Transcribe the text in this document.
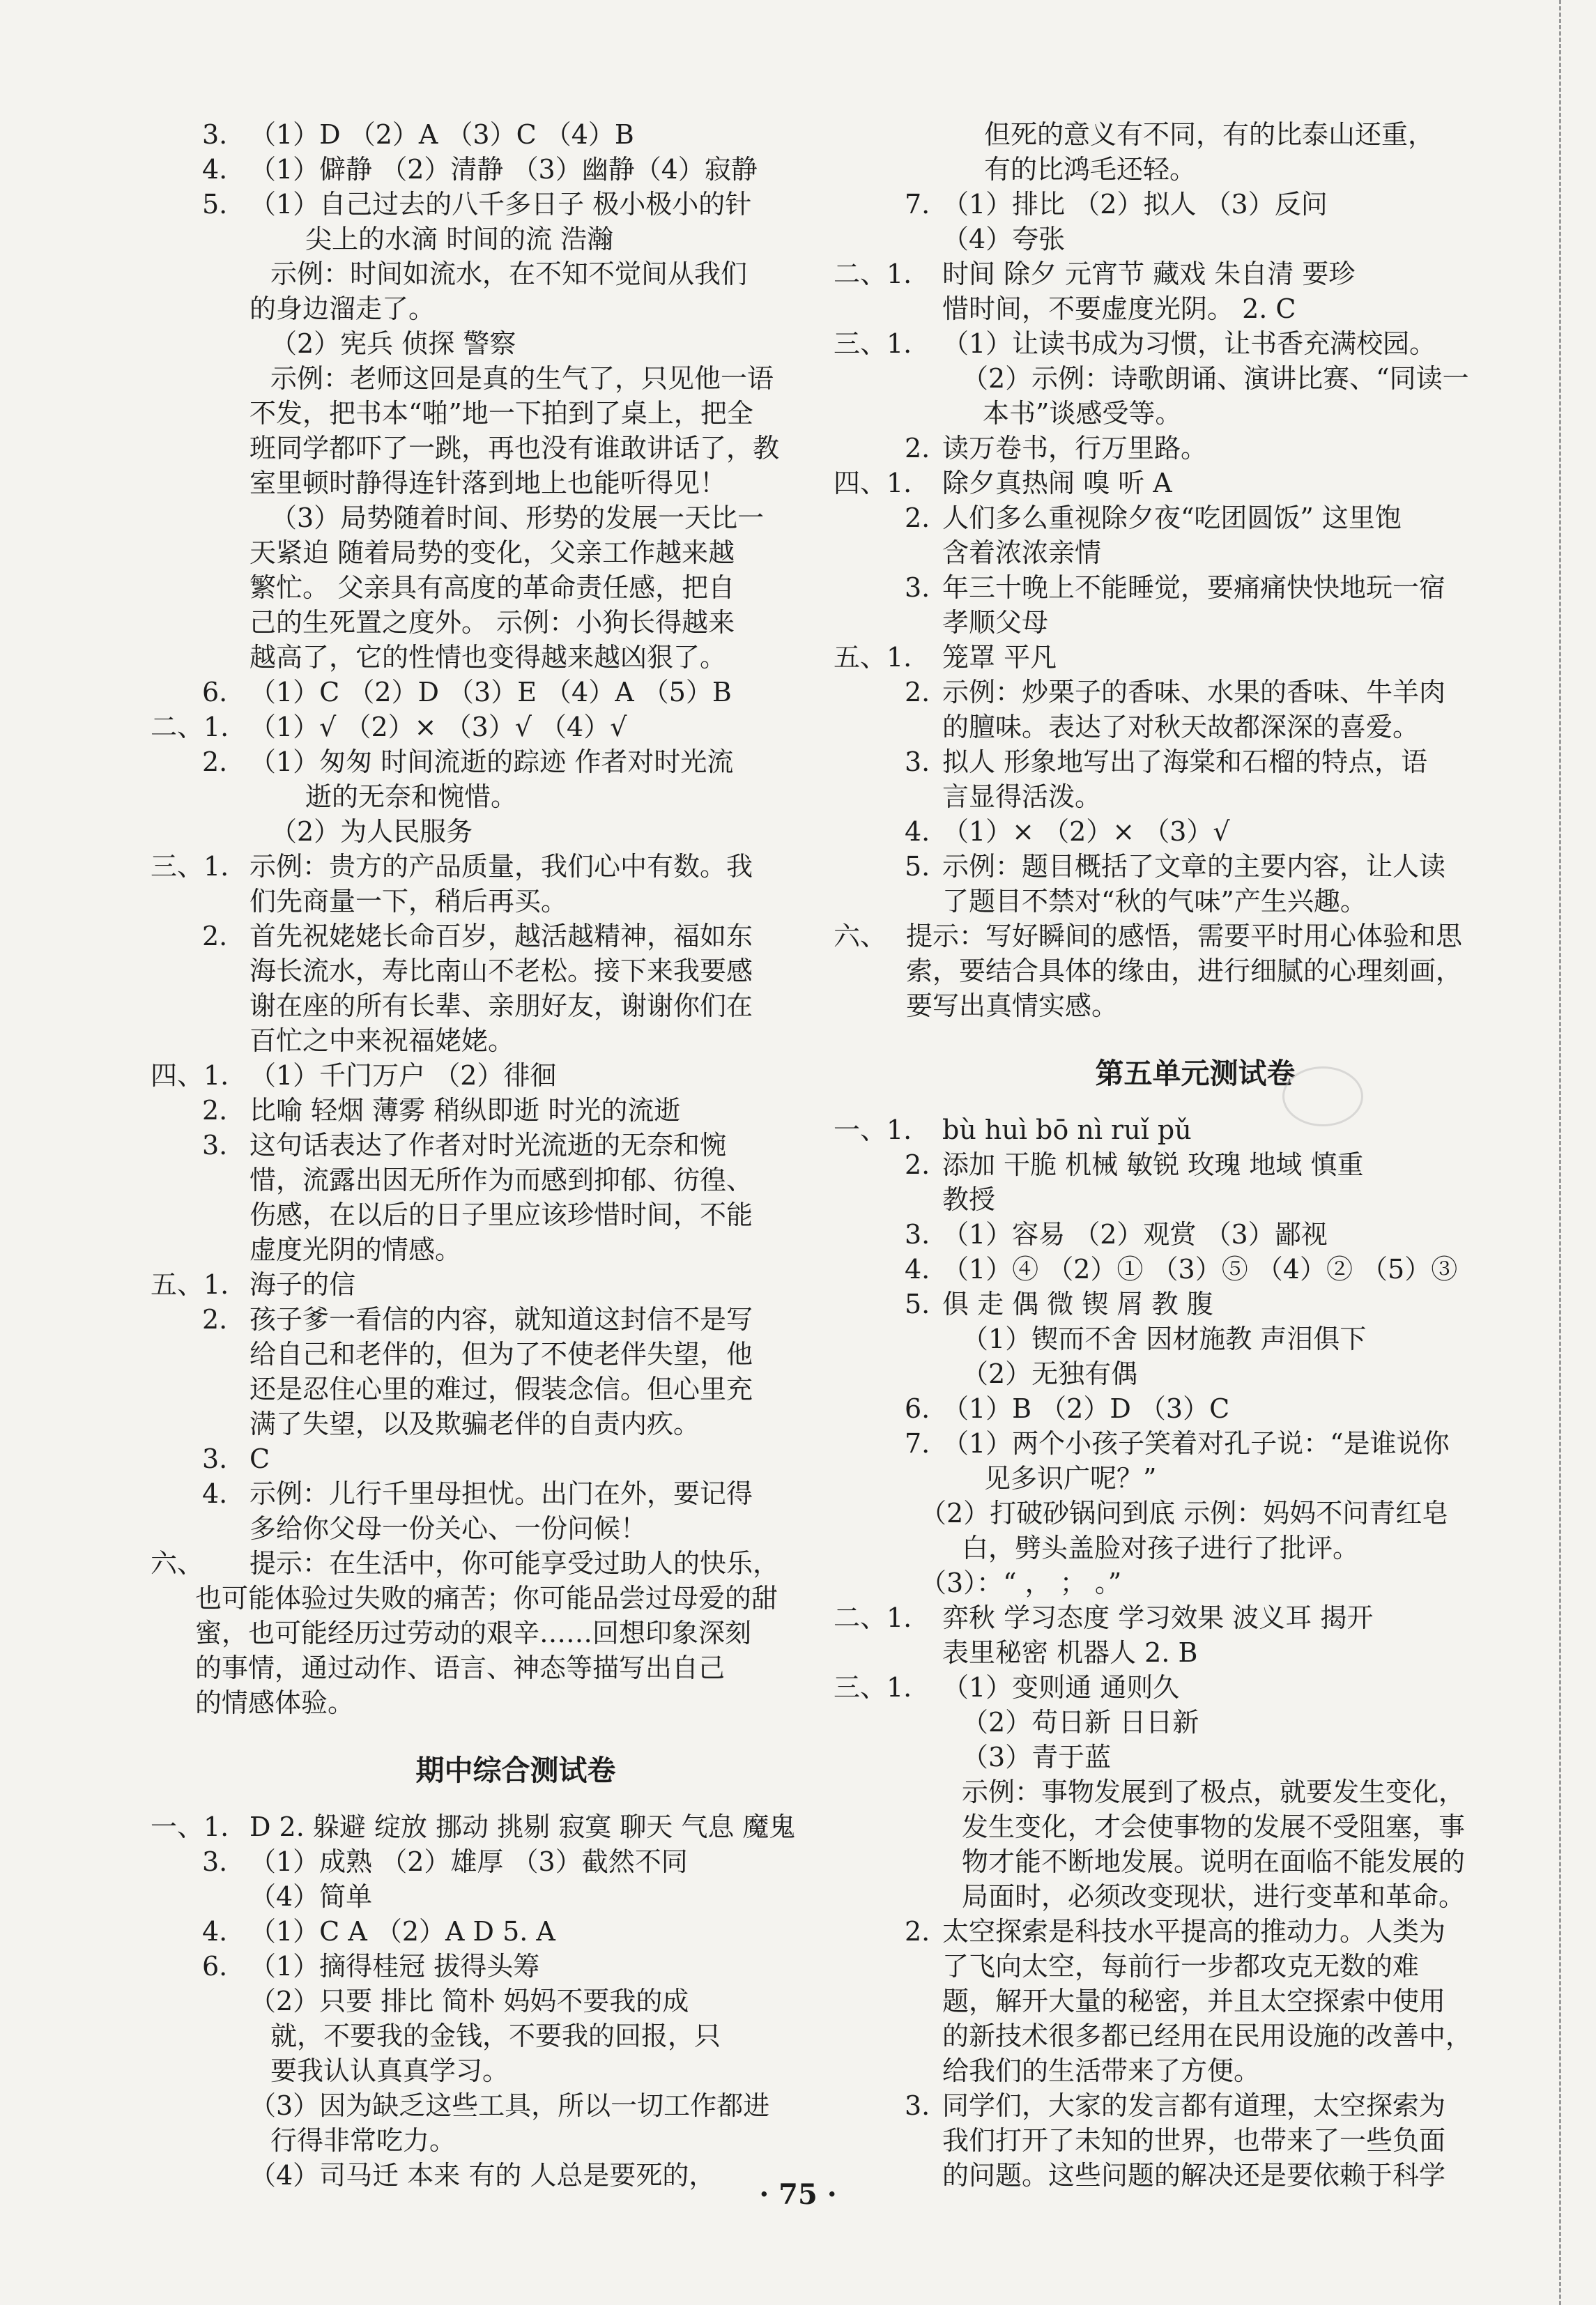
3. （1）D （2）A （3）C （4）B
4. （1）僻静 （2）清静 （3）幽静（4）寂静
5. （1）自己过去的八千多日子 极小极小的针
尖上的水滴 时间的流 浩瀚
示例：时间如流水，在不知不觉间从我们
的身边溜走了。
（2）宪兵 侦探 警察
示例：老师这回是真的生气了，只见他一语
不发，把书本“啪”地一下拍到了桌上，把全
班同学都吓了一跳，再也没有谁敢讲话了，教
室里顿时静得连针落到地上也能听得见！
（3）局势随着时间、形势的发展一天比一
天紧迫 随着局势的变化，父亲工作越来越
繁忙。 父亲具有高度的革命责任感，把自
己的生死置之度外。 示例：小狗长得越来
越高了，它的性情也变得越来越凶狠了。
6. （1）C （2）D （3）E （4）A （5）B
二、1. （1）√ （2）× （3）√ （4）√
2. （1）匆匆 时间流逝的踪迹 作者对时光流
逝的无奈和惋惜。
（2）为人民服务
三、1. 示例：贵方的产品质量，我们心中有数。我
们先商量一下，稍后再买。
2. 首先祝姥姥长命百岁，越活越精神，福如东
海长流水，寿比南山不老松。接下来我要感
谢在座的所有长辈、亲朋好友，谢谢你们在
百忙之中来祝福姥姥。
四、1. （1）千门万户 （2）徘徊
2. 比喻 轻烟 薄雾 稍纵即逝 时光的流逝
3. 这句话表达了作者对时光流逝的无奈和惋
惜，流露出因无所作为而感到抑郁、彷徨、
伤感，在以后的日子里应该珍惜时间，不能
虚度光阴的情感。
五、1. 海子的信
2. 孩子爹一看信的内容，就知道这封信不是写
给自己和老伴的，但为了不使老伴失望，他
还是忍住心里的难过，假装念信。但心里充
满了失望，以及欺骗老伴的自责内疚。
3. C
4. 示例：儿行千里母担忧。出门在外，要记得
多给你父母一份关心、一份问候！
六、	提示：在生活中，你可能享受过助人的快乐，
也可能体验过失败的痛苦；你可能品尝过母爱的甜
蜜，也可能经历过劳动的艰辛……回想印象深刻
的事情，通过动作、语言、神态等描写出自己
的情感体验。
期中综合测试卷
一、1. D 2. 躲避 绽放 挪动 挑剔 寂寞 聊天 气息 魔鬼
3. （1）成熟 （2）雄厚 （3）截然不同
（4）简单
4. （1）C A （2）A D 5. A
6. （1）摘得桂冠 拔得头筹
（2）只要 排比 简朴 妈妈不要我的成
就，不要我的金钱，不要我的回报，只
要我认认真真学习。
（3）因为缺乏这些工具，所以一切工作都进
行得非常吃力。
（4）司马迁 本来 有的 人总是要死的，
但死的意义有不同，有的比泰山还重，
有的比鸿毛还轻。
7. （1）排比 （2）拟人 （3）反问
（4）夸张
二、1.	时间 除夕 元宵节 藏戏 朱自清 要珍
惜时间，不要虚度光阴。 2. C
三、1.	（1）让读书成为习惯，让书香充满校园。
（2）示例：诗歌朗诵、演讲比赛、“同读一
本书”谈感受等。
2. 读万卷书，行万里路。
四、1.	除夕真热闹 嗅 听 A
2. 人们多么重视除夕夜“吃团圆饭” 这里饱
含着浓浓亲情
3. 年三十晚上不能睡觉，要痛痛快快地玩一宿
孝顺父母
五、1.	笼罩 平凡
2. 示例：炒栗子的香味、水果的香味、牛羊肉
的膻味。表达了对秋天故都深深的喜爱。
3. 拟人 形象地写出了海棠和石榴的特点，语
言显得活泼。
4. （1）× （2）× （3）√
5. 示例：题目概括了文章的主要内容，让人读
了题目不禁对“秋的气味”产生兴趣。
六、 提示：写好瞬间的感悟，需要平时用心体验和思
索，要结合具体的缘由，进行细腻的心理刻画，
要写出真情实感。
第五单元测试卷
一、1.	bù huì bō nì ruǐ pǔ
2. 添加 干脆 机械 敏锐 玫瑰 地域 慎重
教授
3. （1）容易 （2）观赏 （3）鄙视
4. （1）④ （2）① （3）⑤ （4）② （5）③
5. 俱 走 偶 微 锲 屑 教 腹
（1）锲而不舍 因材施教 声泪俱下
（2）无独有偶
6. （1）B （2）D （3）C
7. （1）两个小孩子笑着对孔子说：“是谁说你
见多识广呢？”
（2）打破砂锅问到底 示例：妈妈不问青红皂
白，劈头盖脸对孩子进行了批评。
（3）：“ ， ； 。”
二、1.	弈秋 学习态度 学习效果 波义耳 揭开
表里秘密 机器人 2. B
三、1.	（1）变则通 通则久
（2）苟日新 日日新
（3）青于蓝
示例：事物发展到了极点，就要发生变化，
发生变化，才会使事物的发展不受阻塞，事
物才能不断地发展。说明在面临不能发展的
局面时，必须改变现状，进行变革和革命。
2. 太空探索是科技水平提高的推动力。人类为
了飞向太空，每前行一步都攻克无数的难
题，解开大量的秘密，并且太空探索中使用
的新技术很多都已经用在民用设施的改善中，
给我们的生活带来了方便。
3. 同学们，大家的发言都有道理，太空探索为
我们打开了未知的世界，也带来了一些负面
的问题。这些问题的解决还是要依赖于科学
· 75 ·
